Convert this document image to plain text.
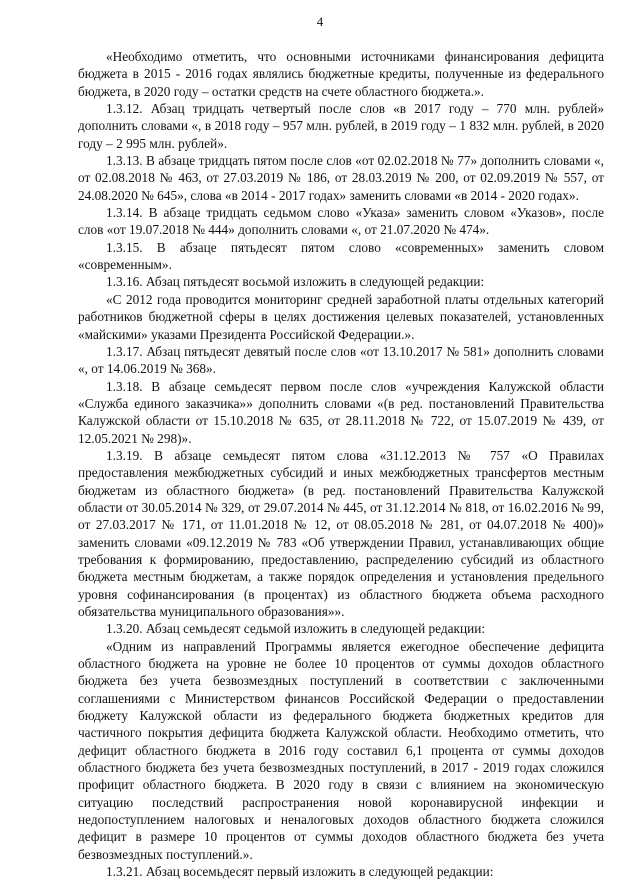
4

«Необходимо отметить, что основными источниками финансирования дефицита бюджета в 2015 - 2016 годах являлись бюджетные кредиты, полученные из федерального бюджета, в 2020 году – остатки средств на счете областного бюджета.».

1.3.12. Абзац тридцать четвертый после слов «в 2017 году – 770 млн. рублей» дополнить словами «, в 2018 году – 957 млн. рублей, в 2019 году – 1 832 млн. рублей, в 2020 году – 2 995 млн. рублей».

1.3.13. В абзаце тридцать пятом после слов «от 02.02.2018 № 77» дополнить словами «, от 02.08.2018 № 463, от 27.03.2019 № 186, от 28.03.2019 № 200, от 02.09.2019 № 557, от 24.08.2020 № 645», слова «в 2014 - 2017 годах» заменить словами «в 2014 - 2020 годах».

1.3.14. В абзаце тридцать седьмом слово «Указа» заменить словом «Указов», после слов «от 19.07.2018 № 444» дополнить словами «, от 21.07.2020 № 474».

1.3.15. В абзаце пятьдесят пятом слово «современных» заменить словом «современным».

1.3.16. Абзац пятьдесят восьмой изложить в следующей редакции:

«С 2012 года проводится мониторинг средней заработной платы отдельных категорий работников бюджетной сферы в целях достижения целевых показателей, установленных «майскими» указами Президента Российской Федерации.».

1.3.17. Абзац пятьдесят девятый после слов «от 13.10.2017 № 581» дополнить словами «, от 14.06.2019 № 368».

1.3.18. В абзаце семьдесят первом после слов «учреждения Калужской области «Служба единого заказчика»» дополнить словами «(в ред. постановлений Правительства Калужской области от 15.10.2018 № 635, от 28.11.2018 № 722, от 15.07.2019 № 439, от 12.05.2021 № 298)».

1.3.19. В абзаце семьдесят пятом слова «31.12.2013 № 757 «О Правилах предоставления межбюджетных субсидий и иных межбюджетных трансфертов местным бюджетам из областного бюджета» (в ред. постановлений Правительства Калужской области от 30.05.2014 № 329, от 29.07.2014 № 445, от 31.12.2014 № 818, от 16.02.2016 № 99, от 27.03.2017 № 171, от 11.01.2018 № 12, от 08.05.2018 № 281, от 04.07.2018 № 400)» заменить словами «09.12.2019 № 783 «Об утверждении Правил, устанавливающих общие требования к формированию, предоставлению, распределению субсидий из областного бюджета местным бюджетам, а также порядок определения и установления предельного уровня софинансирования (в процентах) из областного бюджета объема расходного обязательства муниципального образования»».

1.3.20. Абзац семьдесят седьмой изложить в следующей редакции:

«Одним из направлений Программы является ежегодное обеспечение дефицита областного бюджета на уровне не более 10 процентов от суммы доходов областного бюджета без учета безвозмездных поступлений в соответствии с заключенными соглашениями с Министерством финансов Российской Федерации о предоставлении бюджету Калужской области из федерального бюджета бюджетных кредитов для частичного покрытия дефицита бюджета Калужской области. Необходимо отметить, что дефицит областного бюджета в 2016 году составил 6,1 процента от суммы доходов областного бюджета без учета безвозмездных поступлений, в 2017 - 2019 годах сложился профицит областного бюджета. В 2020 году в связи с влиянием на экономическую ситуацию последствий распространения новой коронавирусной инфекции и недопоступлением налоговых и неналоговых доходов областного бюджета сложился дефицит в размере 10 процентов от суммы доходов областного бюджета без учета безвозмездных поступлений.».

1.3.21. Абзац восемьдесят первый изложить в следующей редакции:
